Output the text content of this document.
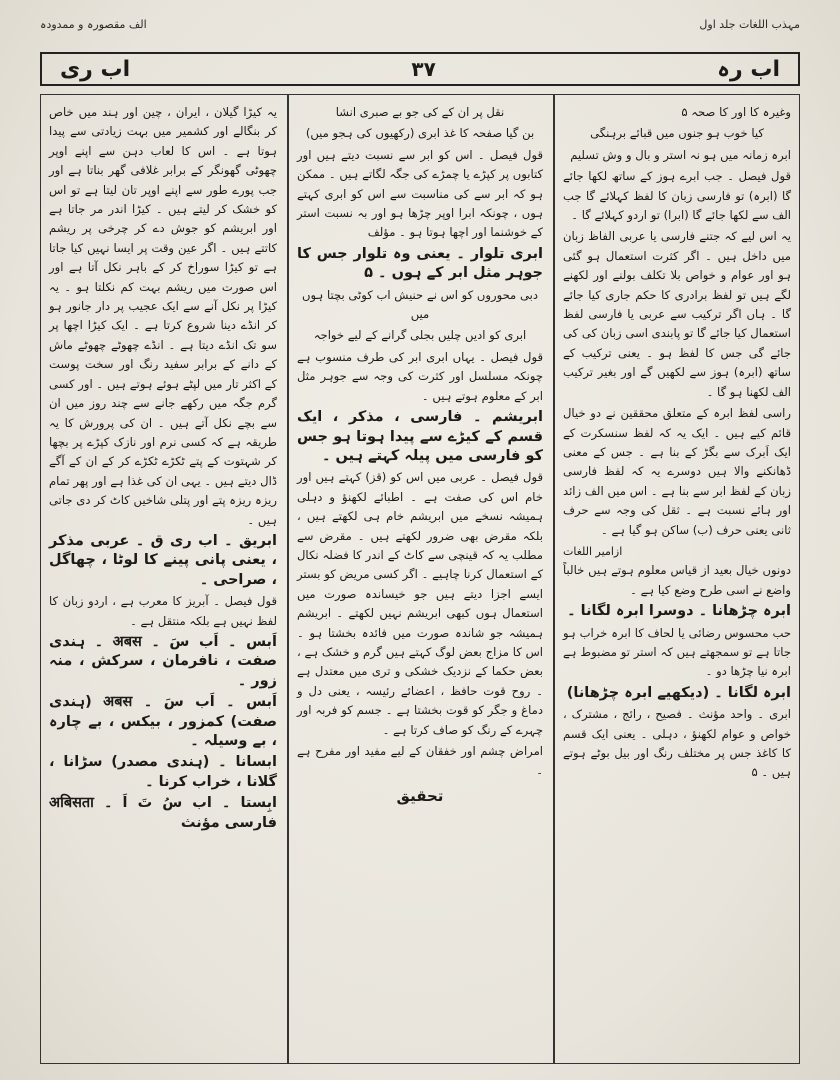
مہذب اللغات جلد اول
الف مقصورہ و ممدودہ
اب رہ
۳۷
اب ری

وغیرہ کا اور کا صحہ ۵

کیا خوب ہو جنوں میں قبائے برہنگی

ابرہ زمانہ میں ہو نہ استر و بال و وش تسلیم

قول فیصل ۔ جب ابرے ہوز کے ساتھ لکھا جائے گا (ابرہ) تو فارسی زبان کا لفظ کہلائے گا جب الف سے لکھا جائے گا (ابرا) تو اردو کہلائے گا ۔

یہ اس لیے کہ جتنے فارسی یا عربی الفاظ زبان میں داخل ہیں ۔ اگر کثرت استعمال ہو گئی ہو اور عوام و خواص بلا تکلف بولنے اور لکھنے لگے ہیں تو لفظ برادری کا حکم جاری کیا جائے گا ۔ ہاں اگر ترکیب سے عربی یا فارسی لفظ استعمال کیا جائے گا تو پابندی اسی زبان کی کی جائے گی جس کا لفظ ہو ۔ یعنی ترکیب کے ساتھ (ابرہ) ہوز سے لکھیں گے اور بغیر ترکیب الف لکھنا ہو گا ۔

راسی لفظ ابرہ کے متعلق محققین نے دو خیال قائم کیے ہیں ۔ ایک یہ کہ لفظ سنسکرت کے ایک اَبرک سے بگڑ کے بنا ہے ۔ جس کے معنی ڈھانکنے والا ہیں دوسرے یہ کہ لفظ فارسی زبان کے لفظ ابر سے بنا ہے ۔ اس میں الف زائد اور ہائے نسبت ہے ۔ ثقل کی وجہ سے حرف ثانی یعنی حرف (ب) ساکن ہو گیا ہے ۔

ازامیر اللغات

دونوں خیال بعید از قیاس معلوم ہوتے ہیں خالباً واضع نے اسی طرح وضع کیا ہے ۔

ابرہ چڑھانا ۔ دوسرا ابرہ لگانا ۔

حب محسوس رضائی یا لحاف کا ابرہ خراب ہو جاتا ہے تو سمجھتے ہیں کہ استر تو مضبوط ہے ابرہ نیا چڑھا دو ۔

ابرہ لگانا ۔ (دیکھیے ابرہ چڑھانا)

ابری ۔ واحد مؤنث ۔ فصیح ، رائج ، مشترک ، خواص و عوام لکھنؤ ، دہلی ۔ یعنی ایک قسم کا کاغذ جس پر مختلف رنگ اور بیل بوٹے ہوتے ہیں ۔ ۵

نقل پر ان کے کی جو بے صبری انشا

بن گیا صفحہ کا غذ ابری (رکھیوں کی ہجو میں)

قول فیصل ۔ اس کو ابر سے نسبت دیتے ہیں اور کتابوں پر کپڑے یا چمڑے کی جگہ لگاتے ہیں ۔ ممکن ہو کہ ابر سے کی مناسبت سے اس کو ابری کہتے ہوں ، چونکہ ابرا اوپر چڑھا ہو اور بہ نسبت استر کے خوشنما اور اچھا ہوتا ہو ۔ مؤلف

ابری تلوار ۔ یعنی وہ تلوار جس کا جوہر مثل ابر کے ہوں ۔ ۵

دبی محوروں کو اس نے حنیش اب کوٹی بچتا ہوں میں

ابری کو ادیں چلیں بجلی گرانے کے لیے خواجہ

قول فیصل ۔ یہاں ابری ابر کی طرف منسوب ہے چونکہ مسلسل اور کثرت کی وجہ سے جوہر مثل ابر کے معلوم ہوتے ہیں ۔

ابریشم ۔ فارسی ، مذکر ، ایک قسم کے کیڑے سے پیدا ہوتا ہو جس کو فارسی میں پیلہ کہتے ہیں ۔

قول فیصل ۔ عربی میں اس کو (قز) کہتے ہیں اور خام اس کی صفت ہے ۔ اطبائے لکھنؤ و دہلی ہمیشہ نسخے میں ابریشم خام ہی لکھتے ہیں ، بلکہ مقرض بھی ضرور لکھتے ہیں ۔ مقرض سے مطلب یہ کہ قینچی سے کاٹ کے اندر کا فضلہ نکال کے استعمال کرنا چاہیے ۔ اگر کسی مریض کو بستر ایسے اجزا دیتے ہیں جو خیساندہ صورت میں استعمال ہوں کبھی ابریشم نہیں لکھتے ۔ ابریشم ہمیشہ جو شاندہ صورت میں فائدہ بخشتا ہو ۔ اس کا مزاج بعض لوگ کہتے ہیں گرم و خشک ہے ، بعض حکما کے نزدیک خشکی و تری میں معتدل ہے ۔ روح قوت حافظ ، اعضائے رئیسہ ، یعنی دل و دماغ و جگر کو قوت بخشتا ہے ۔ جسم کو فربہ اور چہرے کے رنگ کو صاف کرتا ہے ۔

امراض چشم اور خفقان کے لیے مفید اور مفرح ہے ۔

تحقیق

یہ کیڑا گیلان ، ایران ، چین اور ہند میں خاص کر بنگالے اور کشمیر میں بہت زیادتی سے پیدا ہوتا ہے ۔ اس کا لعاب دہن سے اپنے اوپر چھوٹی گھونگر کے برابر غلافی گھر بناتا ہے اور جب پورے طور سے اپنے اوپر تان لیتا ہے تو اس کو خشک کر لیتے ہیں ۔ کیڑا اندر مر جاتا ہے اور ابریشم کو جوش دے کر چرخی پر ریشم کاتتے ہیں ۔ اگر عین وقت پر ایسا نہیں کیا جاتا ہے تو کیڑا سوراخ کر کے باہر نکل آتا ہے اور اس صورت میں ریشم بہت کم نکلتا ہو ۔ یہ کیڑا پر نکل آنے سے ایک عجیب پر دار جانور ہو کر انڈے دینا شروع کرتا ہے ۔ ایک کیڑا اچھا پر سو تک انڈے دیتا ہے ۔ انڈے چھوٹے چھوٹے ماش کے دانے کے برابر سفید رنگ اور سخت پوست کے اکثر تار میں لپٹے ہوئے ہوتے ہیں ۔ اور کسی گرم جگہ میں رکھے جانے سے چند روز میں ان سے بچے نکل آتے ہیں ۔ ان کی پرورش کا یہ طریقہ ہے کہ کسی نرم اور نازک کپڑے پر بچھا کر شہتوت کے پتے ٹکڑے ٹکڑے کر کے ان کے آگے ڈال دیتے ہیں ۔ یہی ان کی غذا ہے اور پھر تمام ریزہ ریزہ پتے اور پتلی شاخیں کاٹ کر دی جاتی ہیں ۔

ابریق ۔ اب ری ق ۔ عربی مذکر ، یعنی پانی پینے کا لوٹا ، چھاگل ، صراحی ۔

قول فیصل ۔ آبریز کا معرب ہے ، اردو زبان کا لفظ نہیں ہے بلکہ منتقل ہے ۔

اَبس ۔ اَب سَ ۔ अबस ۔ ہندی صفت ، نافرمان ، سرکش ، منہ زور ۔

اَبس ۔ اَب سَ ۔ अबस (ہندی صفت) کمزور ، بیکس ، بے چارہ ، بے وسیلہ ۔

ابسانا ۔ (ہندی مصدر) سڑانا ، گلانا ، خراب کرنا ۔

ابِستا ۔ اب سُ تَ اَ ۔ अबिसता فارسی مؤنث
